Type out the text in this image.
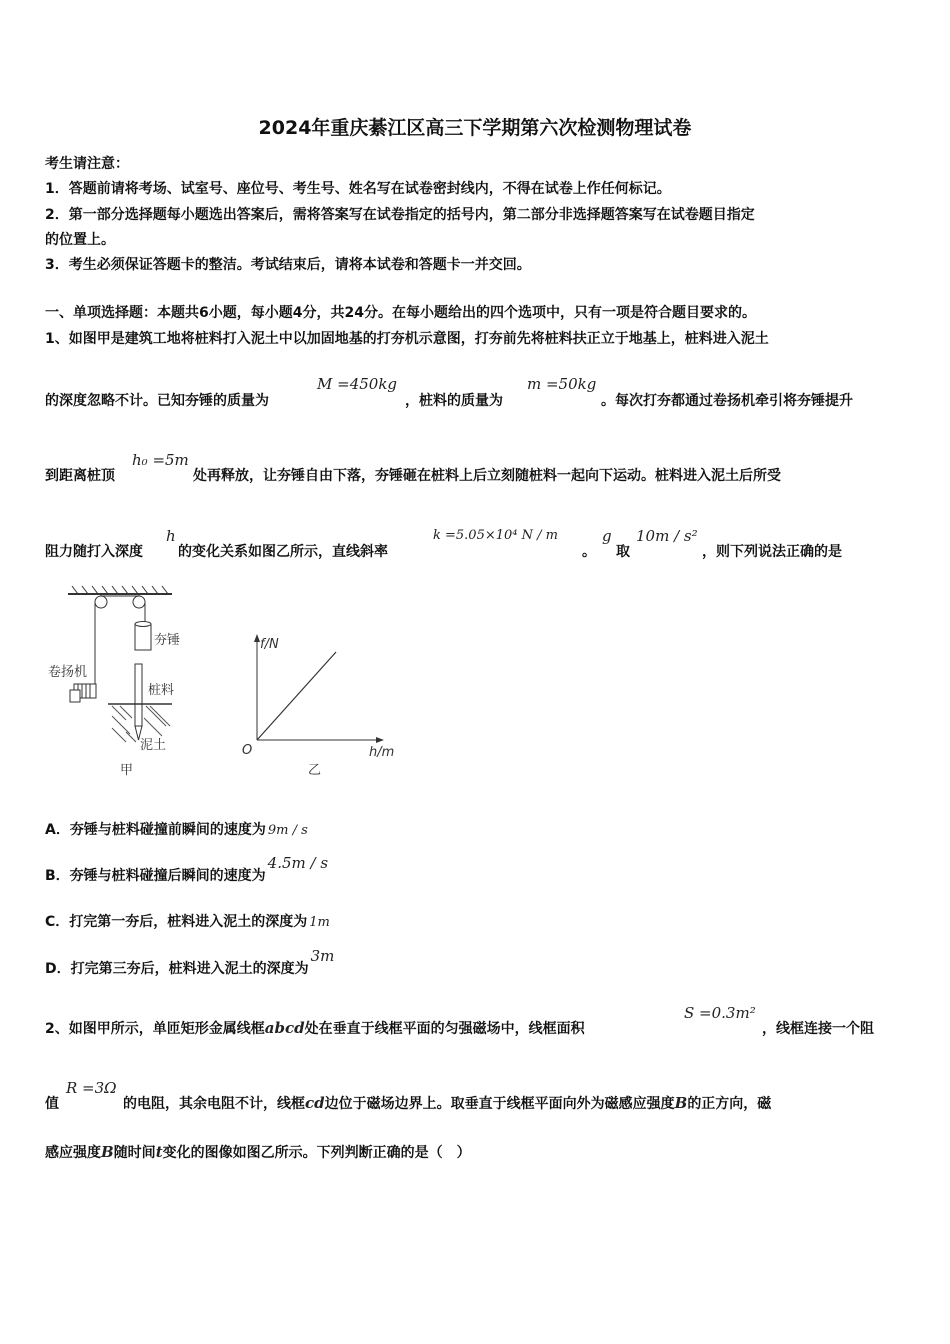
2024年重庆綦江区高三下学期第六次检测物理试卷
考生请注意：
1．答题前请将考场、试室号、座位号、考生号、姓名写在试卷密封线内，不得在试卷上作任何标记。
2．第一部分选择题每小题选出答案后，需将答案写在试卷指定的括号内，第二部分非选择题答案写在试卷题目指定
的位置上。
3．考生必须保证答题卡的整洁。考试结束后，请将本试卷和答题卡一并交回。
一、单项选择题：本题共6小题，每小题4分，共24分。在每小题给出的四个选项中，只有一项是符合题目要求的。
1、如图甲是建筑工地将桩料打入泥土中以加固地基的打夯机示意图，打夯前先将桩料扶正立于地基上，桩料进入泥土
的深度忽略不计。已知夯锤的质量为
M =450kg
，桩料的质量为
m =50kg
。每次打夯都通过卷扬机牵引将夯锤提升
到距离桩顶
h₀ =5m
处再释放，让夯锤自由下落，夯锤砸在桩料上后立刻随桩料一起向下运动。桩料进入泥土后所受
阻力随打入深度
h
的变化关系如图乙所示，直线斜率
k =5.05×10⁴ N / m
。
g
取
10m / s²
，则下列说法正确的是
夯锤
卷扬机
桩料
泥土
甲
f/N
h/m
O
乙
A．夯锤与桩料碰撞前瞬间的速度为 9m / s
B．夯锤与桩料碰撞后瞬间的速度为4.5m / s
C．打完第一夯后，桩料进入泥土的深度为 1m
D．打完第三夯后，桩料进入泥土的深度为3m
2、如图甲所示，单匝矩形金属线框abcd处在垂直于线框平面的匀强磁场中，线框面积
S =0.3m²
，线框连接一个阻
值
R =3Ω
的电阻，其余电阻不计，线框cd边位于磁场边界上。取垂直于线框平面向外为磁感应强度B的正方向，磁
感应强度B随时间t变化的图像如图乙所示。下列判断正确的是（　）
